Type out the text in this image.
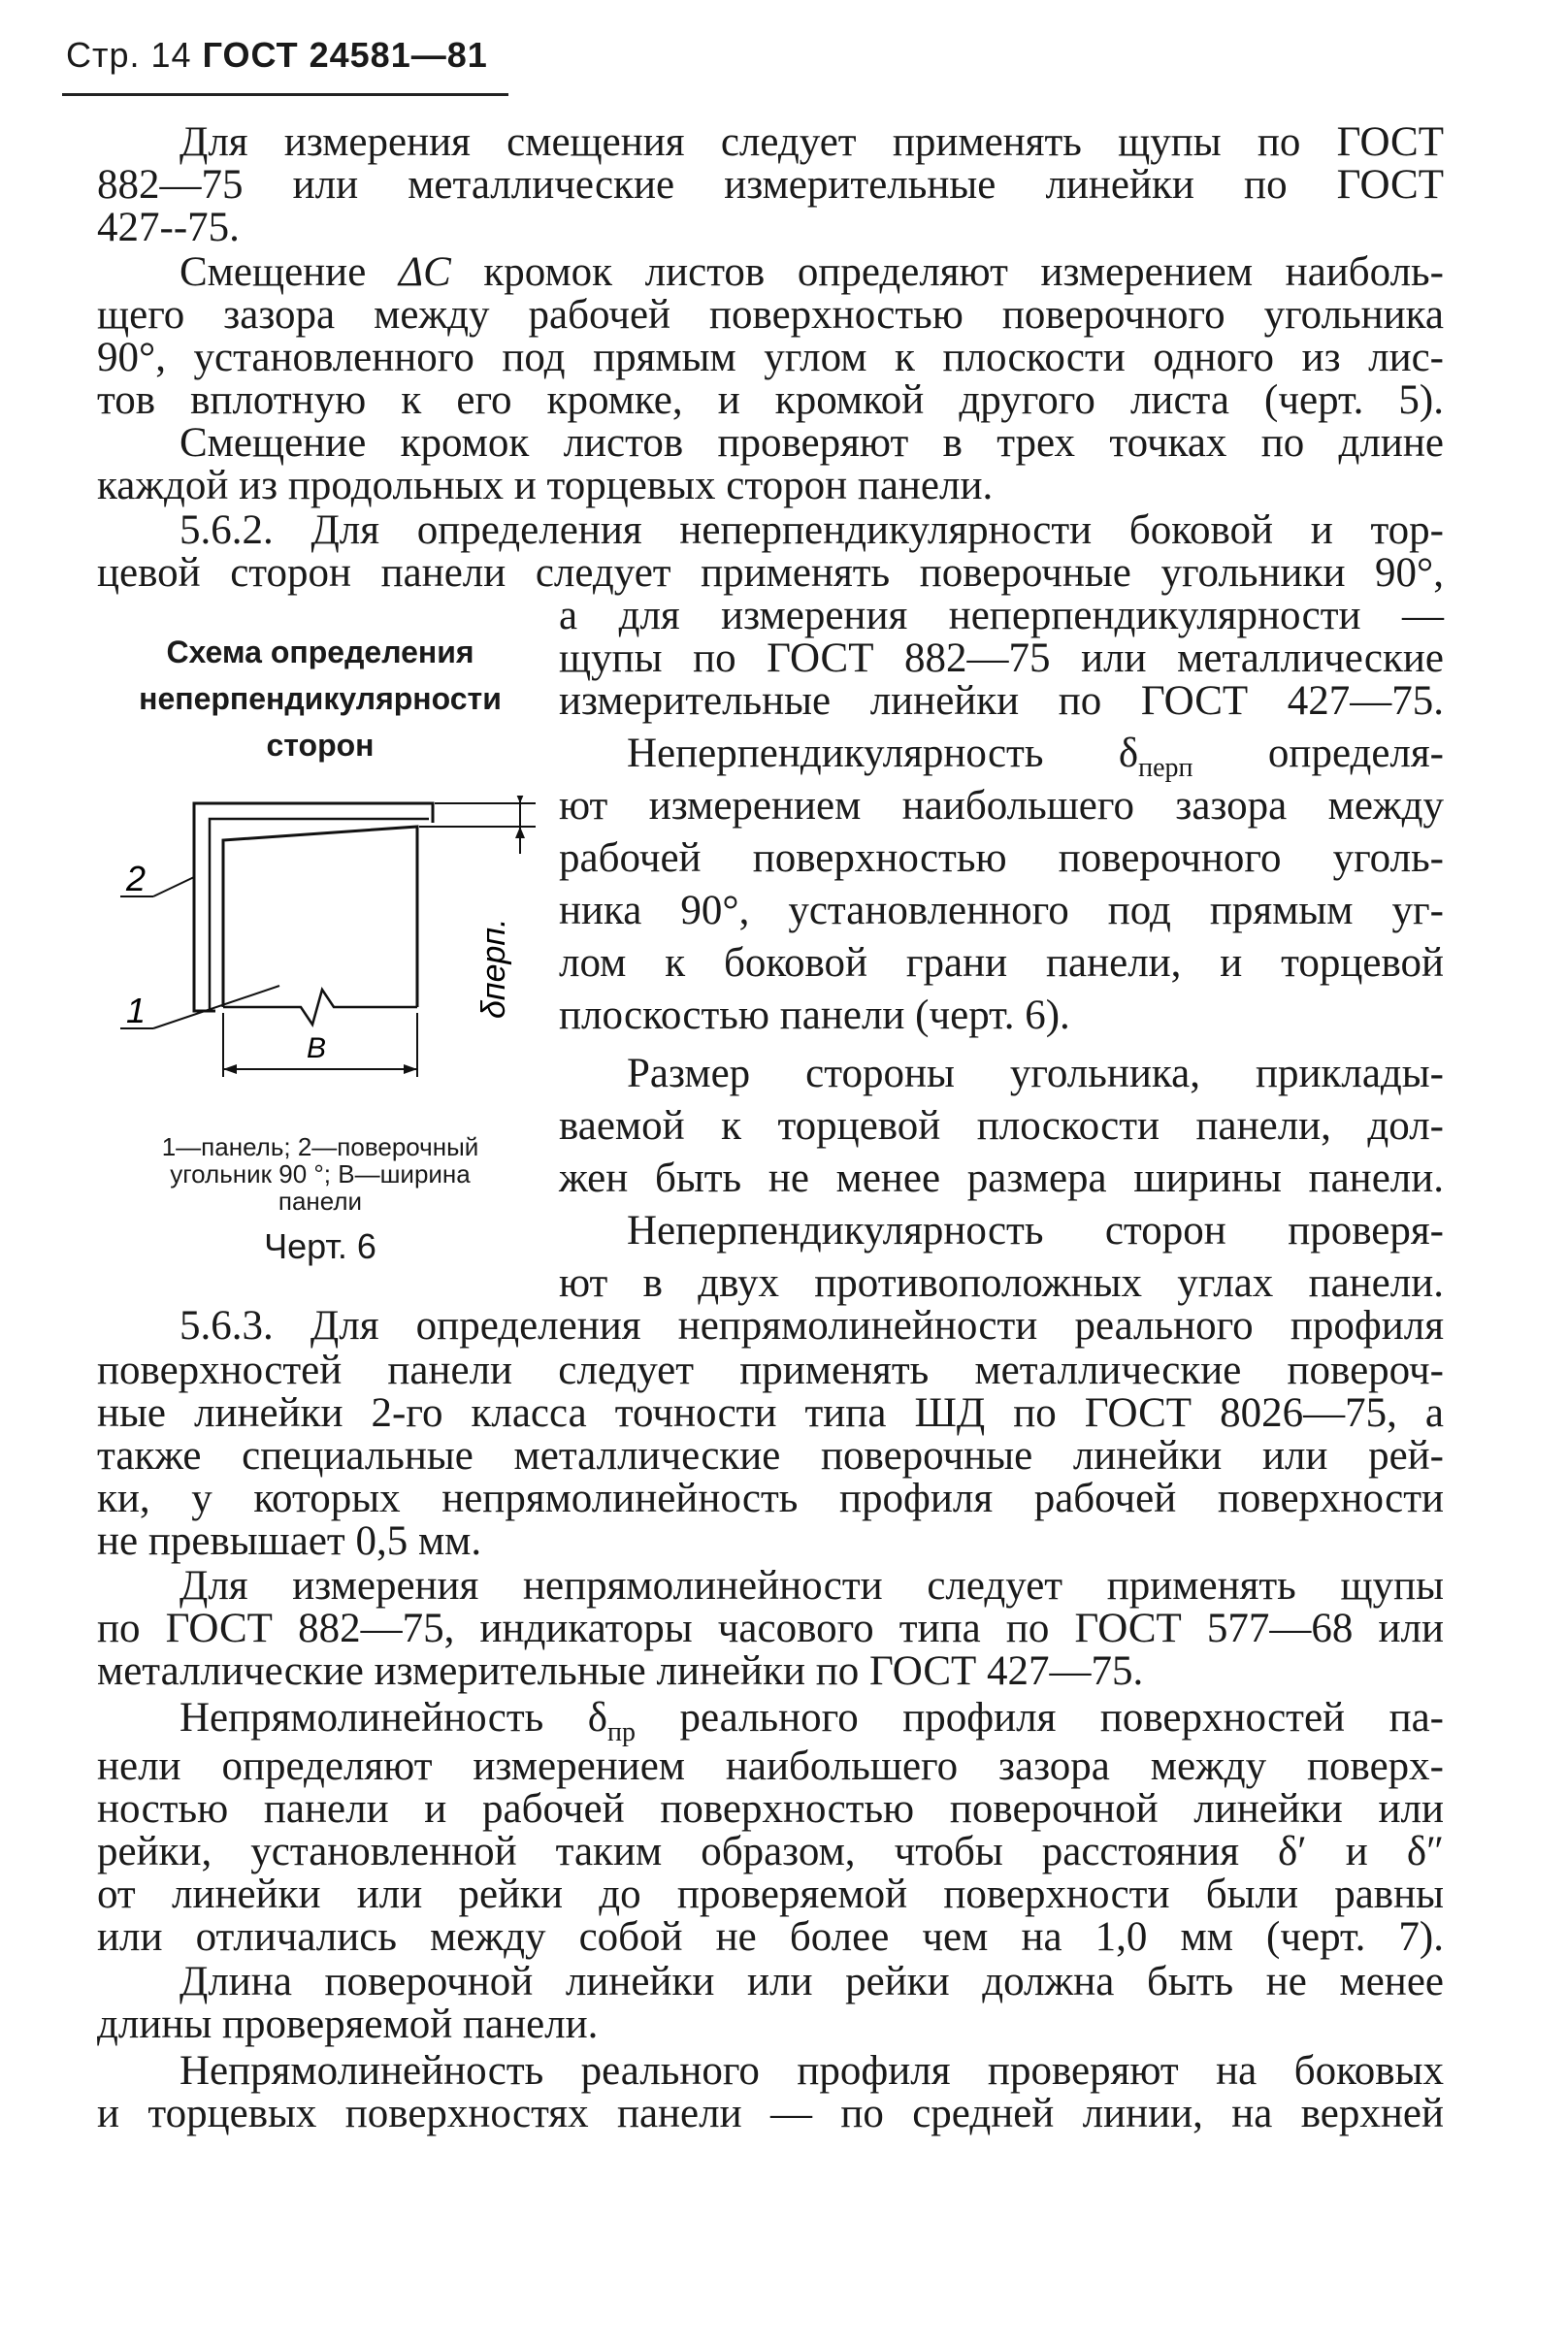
Стр. 14 ГОСТ 24581—81
Для измерения смещения следует применять щупы по ГОСТ
882—75 или металлические измерительные линейки по ГОСТ
427--75.
Смещение ΔC кромок листов определяют измерением наиболь-
щего зазора между рабочей поверхностью поверочного угольника
90°, установленного под прямым углом к плоскости одного из лис-
тов вплотную к его кромке, и кромкой другого листа (черт. 5).
Смещение кромок листов проверяют в трех точках по длине
каждой из продольных и торцевых сторон панели.
5.6.2. Для определения неперпендикулярности боковой и тор-
цевой сторон панели следует применять поверочные угольники 90°,
а для измерения неперпендикулярности —
щупы по ГОСТ 882—75 или металлические
измерительные линейки по ГОСТ 427—75.
Неперпендикулярность $\delta_{перп}$ определя-
ют измерением наибольшего зазора между
рабочей поверхностью поверочного уголь-
ника 90°, установленного под прямым уг-
лом к боковой грани панели, и торцевой
плоскостью панели (черт. 6).
Размер стороны угольника, приклады-
ваемой к торцевой плоскости панели, дол-
жен быть не менее размера ширины панели.
Неперпендикулярность сторон проверя-
ют в двух противоположных углах панели.
Схема определения
неперпендикулярности
сторон
δперп.
B
2
1
1—панель; 2—поверочный
угольник 90 °; B—ширина
панели
Черт. 6
5.6.3. Для определения непрямолинейности реального профиля
поверхностей панели следует применять металлические повероч-
ные линейки 2-го класса точности типа ШД по ГОСТ 8026—75, а
также специальные металлические поверочные линейки или рей-
ки, у которых непрямолинейность профиля рабочей поверхности
не превышает 0,5 мм.
Для измерения непрямолинейности следует применять щупы
по ГОСТ 882—75, индикаторы часового типа по ГОСТ 577—68 или
металлические измерительные линейки по ГОСТ 427—75.
Непрямолинейность $\delta_{пр}$ реального профиля поверхностей па-
нели определяют измерением наибольшего зазора между поверх-
ностью панели и рабочей поверхностью поверочной линейки или
рейки, установленной таким образом, чтобы расстояния δ′ и δ″
от линейки или рейки до проверяемой поверхности были равны
или отличались между собой не более чем на 1,0 мм (черт. 7).
Длина поверочной линейки или рейки должна быть не менее
длины проверяемой панели.
Непрямолинейность реального профиля проверяют на боковых
и торцевых поверхностях панели — по средней линии, на верхней
